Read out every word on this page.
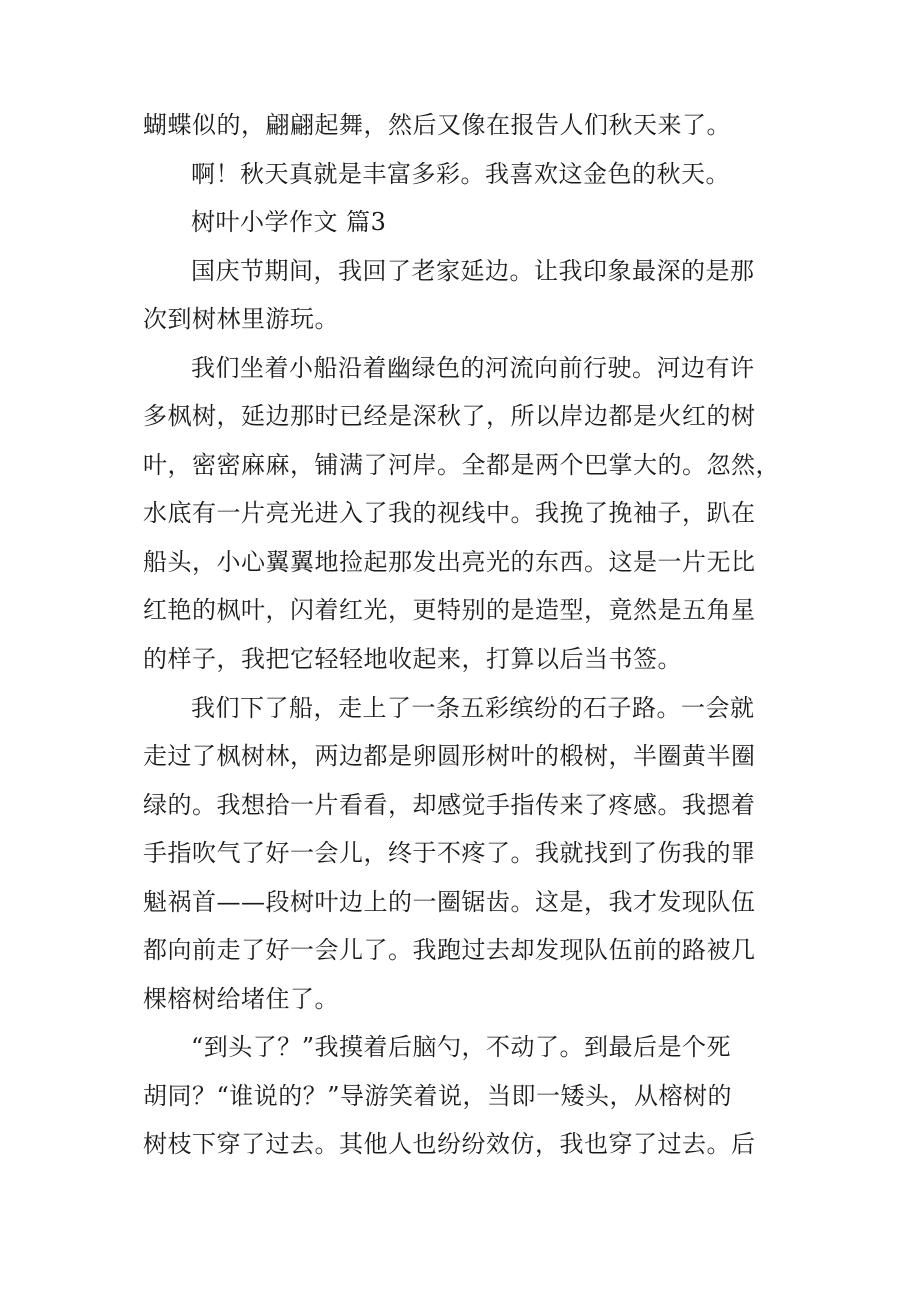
蝴蝶似的，翩翩起舞，然后又像在报告人们秋天来了。
啊！秋天真就是丰富多彩。我喜欢这金色的秋天。
树叶小学作文 篇3
国庆节期间，我回了老家延边。让我印象最深的是那
次到树林里游玩。
我们坐着小船沿着幽绿色的河流向前行驶。河边有许
多枫树，延边那时已经是深秋了，所以岸边都是火红的树
叶，密密麻麻，铺满了河岸。全都是两个巴掌大的。忽然，
水底有一片亮光进入了我的视线中。我挽了挽袖子，趴在
船头，小心翼翼地捡起那发出亮光的东西。这是一片无比
红艳的枫叶，闪着红光，更特别的是造型，竟然是五角星
的样子，我把它轻轻地收起来，打算以后当书签。
我们下了船，走上了一条五彩缤纷的石子路。一会就
走过了枫树林，两边都是卵圆形树叶的椴树，半圈黄半圈
绿的。我想拾一片看看，却感觉手指传来了疼感。我摁着
手指吹气了好一会儿，终于不疼了。我就找到了伤我的罪
魁祸首——段树叶边上的一圈锯齿。这是，我才发现队伍
都向前走了好一会儿了。我跑过去却发现队伍前的路被几
棵榕树给堵住了。
“到头了？”我摸着后脑勺，不动了。到最后是个死
胡同？“谁说的？”导游笑着说，当即一矮头，从榕树的
树枝下穿了过去。其他人也纷纷效仿，我也穿了过去。后
